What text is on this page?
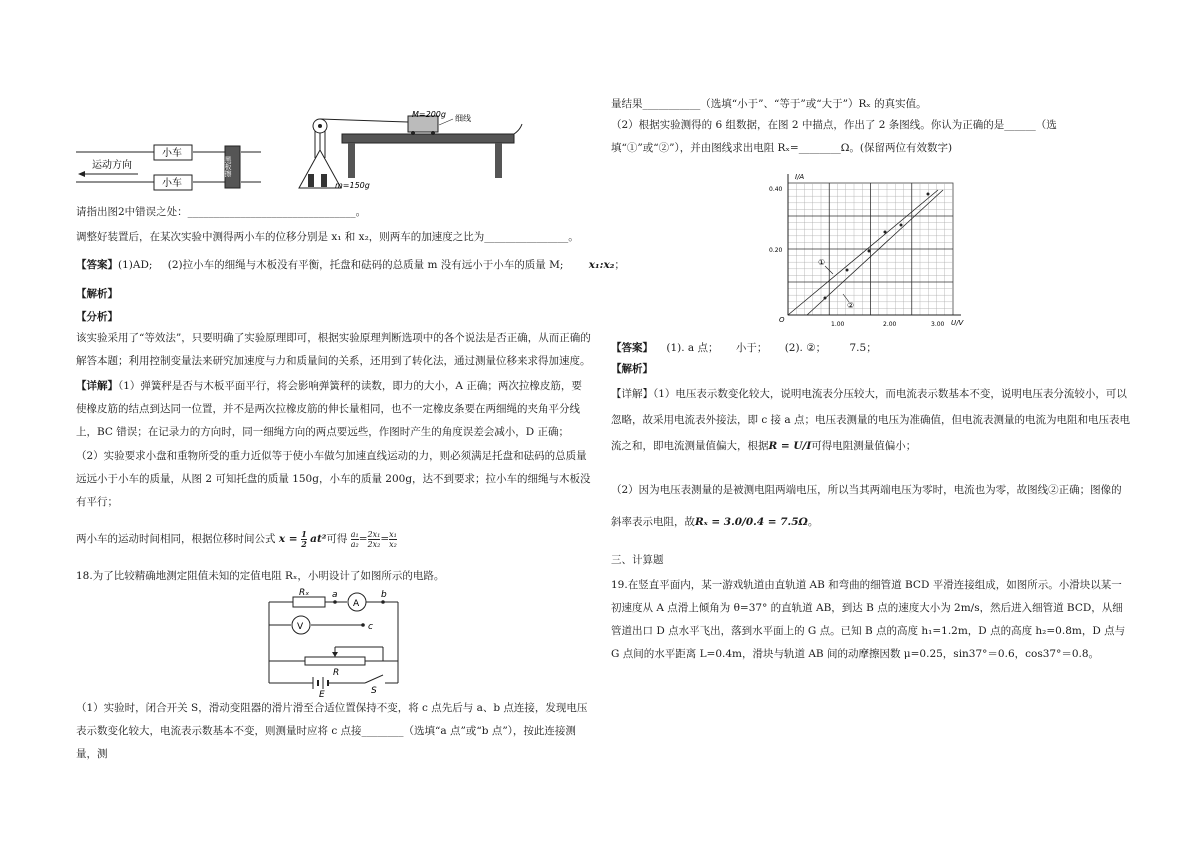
运动方向
小车
小车
黑板擦
M=200g 细线
m=150g
请指出图2中错误之处：________________________________。
调整好装置后，在某次实验中测得两小车的位移分别是 x₁ 和 x₂，则两车的加速度之比为________________。
【答案】(1)AD; (2)拉小车的细绳与木板没有平衡，托盘和砝码的总质量 m 没有远小于小车的质量 M; x₁:x₂；
【解析】
【分析】
该实验采用了“等效法”，只要明确了实验原理即可，根据实验原理判断选项中的各个说法是否正确，从而正确的解答本题；利用控制变量法来研究加速度与力和质量间的关系，还用到了转化法，通过测量位移来求得加速度。
【详解】（1）弹簧秤是否与木板平面平行，将会影响弹簧秤的读数，即力的大小，A 正确；两次拉橡皮筋，要使橡皮筋的结点到达同一位置，并不是两次拉橡皮筋的伸长量相同，也不一定橡皮条要在两细绳的夹角平分线上，BC 错误；在记录力的方向时，同一细绳方向的两点要远些，作图时产生的角度误差会减小，D 正确；
（2）实验要求小盘和重物所受的重力近似等于使小车做匀加速直线运动的力，则必须满足托盘和砝码的总质量远远小于小车的质量，从图 2 可知托盘的质量 150g，小车的质量 200g，达不到要求；拉小车的细绳与木板没有平行；
两小车的运动时间相同，根据位移时间公式 $x = \frac{1}{2} at^2$可得 $\frac{\text{a₁}}{\text{a₂}} = \frac{\text{2x₁}}{\text{2x₂}} = \frac{\text{x₁}}{\text{x₂}}$
18.为了比较精确地测定阻值未知的定值电阻 Rₓ，小明设计了如图所示的电路。
Rₓ	a	b
c
A
V
R
E	S
（1）实验时，闭合开关 S，滑动变阻器的滑片滑至合适位置保持不变，将 c 点先后与 a、b 点连接，发现电压表示数变化较大，电流表示数基本不变，则测量时应将 c 点接________（选填“a 点”或“b 点”），按此连接测量，测
量结果___________（选填“小于”、“等于”或“大于”）Rₓ 的真实值。
（2）根据实验测得的 6 组数据，在图 2 中描点，作出了 2 条图线。你认为正确的是______（选填“①”或“②”），并由图线求出电阻 Rₓ=________Ω。(保留两位有效数字)
I/A
U/V
0.40
0.20
1.00	2.00	3.00
O
①
②
【答案】 (1). a 点； 小于； (2). ②； 7.5；
【解析】
【详解】（1）电压表示数变化较大，说明电流表分压较大，而电流表示数基本不变，说明电压表分流较小，可以忽略，故采用电流表外接法，即 c 接 a 点；电压表测量的电压为准确值，但电流表测量的电流为电阻和电压表电流之和，即电流测量值偏大，根据R = U/I可得电阻测量值偏小；
（2）因为电压表测量的是被测电阻两端电压，所以当其两端电压为零时，电流也为零，故图线②正确；图像的斜率表示电阻，故Rₓ = 3.0/0.4 = 7.5Ω。
三、计算题
19.在竖直平面内，某一游戏轨道由直轨道 AB 和弯曲的细管道 BCD 平滑连接组成，如图所示。小滑块以某一初速度从 A 点滑上倾角为 θ=37° 的直轨道 AB，到达 B 点的速度大小为 2m/s，然后进入细管道 BCD，从细管道出口 D 点水平飞出，落到水平面上的 G 点。已知 B 点的高度 h₁=1.2m，D 点的高度 h₂=0.8m，D 点与 G 点间的水平距离 L=0.4m，滑块与轨道 AB 间的动摩擦因数 μ=0.25，sin37°＝0.6，cos37°＝0.8。
